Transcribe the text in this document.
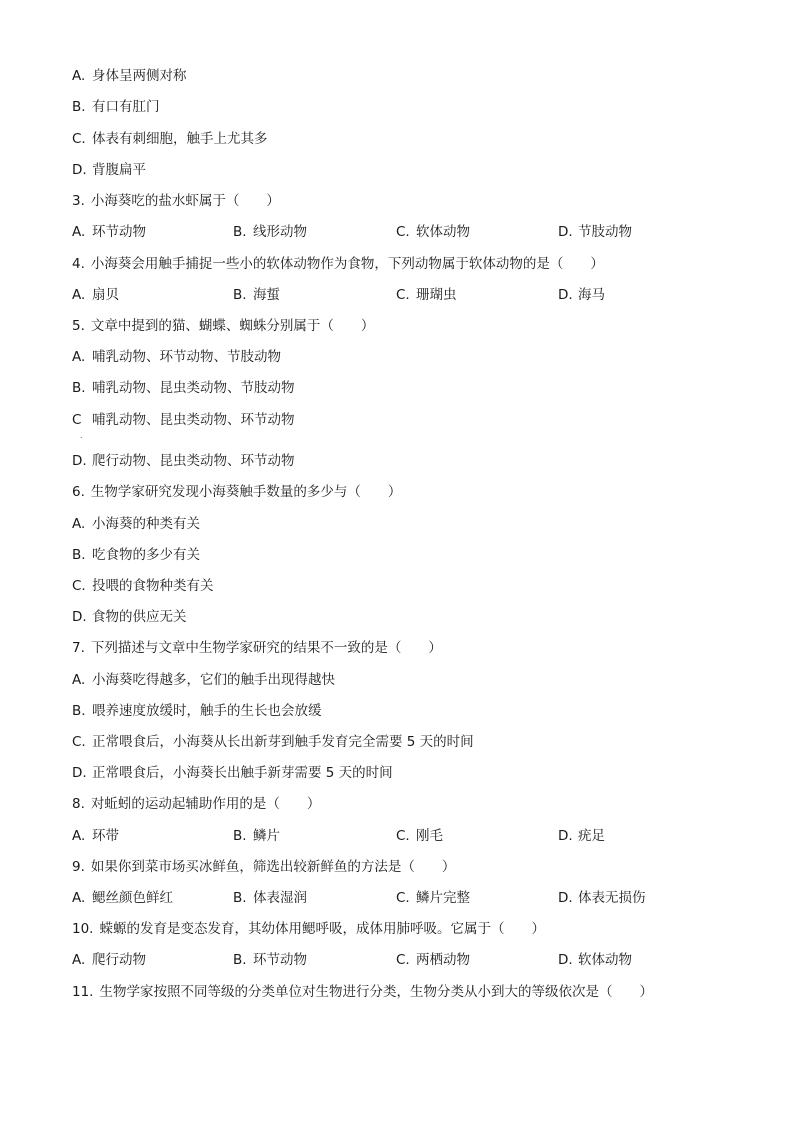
A. 身体呈两侧对称
B. 有口有肛门
C. 体表有刺细胞，触手上尤其多
D. 背腹扁平
3. 小海葵吃的盐水虾属于（　　）
A. 环节动物	B. 线形动物	C. 软体动物	D. 节肢动物
4. 小海葵会用触手捕捉一些小的软体动物作为食物，下列动物属于软体动物的是（　　）
A. 扇贝	B. 海蜇	C. 珊瑚虫	D. 海马
5. 文章中提到的猫、蝴蝶、蜘蛛分别属于（　　）
A. 哺乳动物、环节动物、节肢动物
B. 哺乳动物、昆虫类动物、节肢动物
C 哺乳动物、昆虫类动物、环节动物
.
D. 爬行动物、昆虫类动物、环节动物
6. 生物学家研究发现小海葵触手数量的多少与（　　）
A. 小海葵的种类有关
B. 吃食物的多少有关
C. 投喂的食物种类有关
D. 食物的供应无关
7. 下列描述与文章中生物学家研究的结果不一致的是（　　）
A. 小海葵吃得越多，它们的触手出现得越快
B. 喂养速度放缓时，触手的生长也会放缓
C. 正常喂食后，小海葵从长出新芽到触手发育完全需要 5 天的时间
D. 正常喂食后，小海葵长出触手新芽需要 5 天的时间
8. 对蚯蚓的运动起辅助作用的是（　　）
A. 环带	B. 鳞片	C. 刚毛	D. 疣足
9. 如果你到菜市场买冰鲜鱼，筛选出较新鲜鱼的方法是（　　）
A. 鳃丝颜色鲜红	B. 体表湿润	C. 鳞片完整	D. 体表无损伤
10. 蝾螈的发育是变态发育，其幼体用鳃呼吸，成体用肺呼吸。它属于（　　）
A. 爬行动物	B. 环节动物	C. 两栖动物	D. 软体动物
11. 生物学家按照不同等级的分类单位对生物进行分类，生物分类从小到大的等级依次是（　　）
